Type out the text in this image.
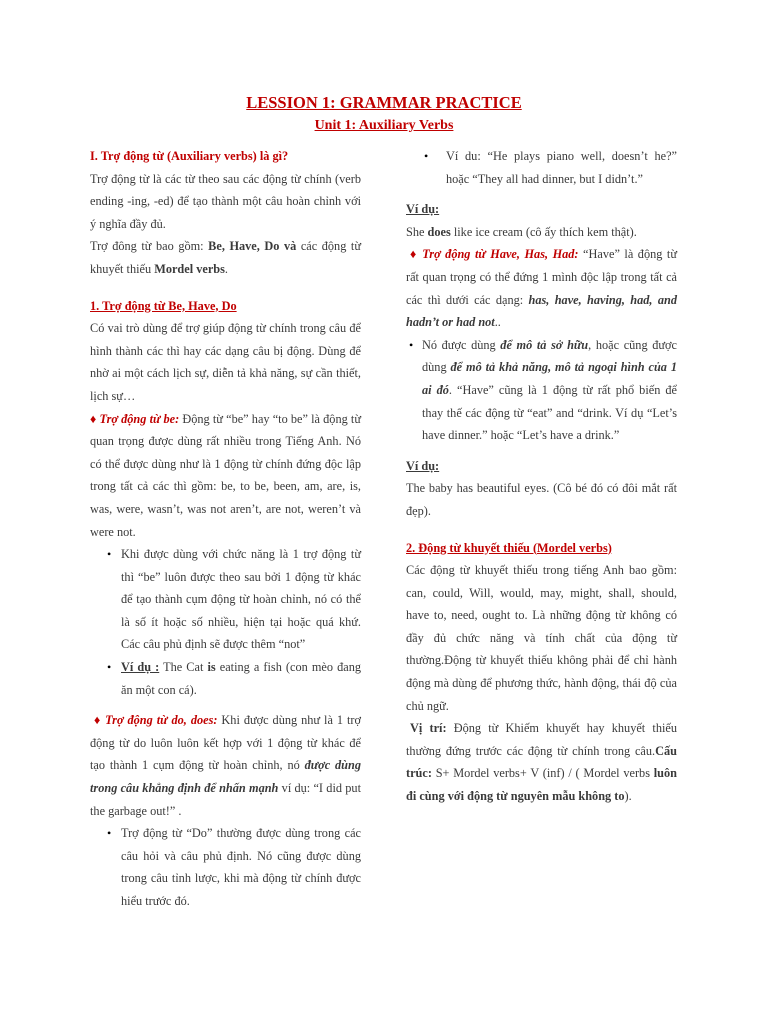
LESSION 1: GRAMMAR PRACTICE
Unit 1: Auxiliary Verbs

I. Trợ động từ (Auxiliary verbs) là gì?

Trợ động từ là các từ theo sau các động từ chính (verb ending -ing, -ed) để tạo thành một câu hoàn chỉnh với ý nghĩa đầy đủ.

Trợ đông từ bao gồm: Be, Have, Do và các động từ khuyết thiếu Mordel verbs.

1. Trợ động từ Be, Have, Do

Có vai trò dùng để trợ giúp động từ chính trong câu để hình thành các thì hay các dạng câu bị động. Dùng để nhờ ai một cách lịch sự, diễn tả khả năng, sự cần thiết, lịch sự…

♦ Trợ động từ be: Động từ “be” hay “to be” là động từ quan trọng được dùng rất nhiều trong Tiếng Anh. Nó có thể được dùng như là 1 động từ chính đứng độc lập trong tất cả các thì gồm: be, to be, been, am, are, is, was, were, wasn’t, was not aren’t, are not, weren’t và were not.

• Khi được dùng với chức năng là 1 trợ động từ thì “be” luôn được theo sau bởi 1 động từ khác để tạo thành cụm động từ hoàn chỉnh, nó có thể là số ít hoặc số nhiều, hiện tại hoặc quá khứ. Các câu phủ định sẽ được thêm “not”
• Ví dụ : The Cat is eating a fish (con mèo đang ăn một con cá).

♦ Trợ động từ do, does: Khi được dùng như là 1 trợ động từ do luôn luôn kết hợp với 1 động từ khác để tạo thành 1 cụm động từ hoàn chỉnh, nó được dùng trong câu khẳng định để nhấn mạnh ví dụ: “I did put the garbage out!” .

• Trợ động từ “Do” thường được dùng trong các câu hỏi và câu phủ định. Nó cũng được dùng trong câu tỉnh lược, khi mà động từ chính được hiểu trước đó.
• Ví du: “He plays piano well, doesn’t he?” hoặc “They all had dinner, but I didn’t.”

Ví dụ:

She does like ice cream (cô ấy thích kem thật).

♦ Trợ động từ Have, Has, Had: “Have” là động từ rất quan trọng có thể đứng 1 mình độc lập trong tất cả các thì dưới các dạng: has, have, having, had, and hadn’t or had not..

• Nó được dùng để mô tả sở hữu, hoặc cũng được dùng để mô tả khả năng, mô tả ngoại hình của 1 ai đó. “Have” cũng là 1 động từ rất phổ biến để thay thế các động từ “eat” and “drink. Ví dụ “Let’s have dinner.” hoặc “Let’s have a drink.”

Ví dụ:

The baby has beautiful eyes. (Cô bé đó có đôi mắt rất đẹp).

2. Động từ khuyết thiếu (Mordel verbs)

Các động từ khuyết thiếu trong tiếng Anh bao gồm: can, could, Will, would, may, might, shall, should, have to, need, ought to. Là những động từ không có đầy đủ chức năng và tính chất của động từ thường.Động từ khuyết thiếu không phải để chỉ hành động mà dùng để phương thức, hành động, thái độ của chủ ngữ.

Vị trí: Động từ Khiếm khuyết hay khuyết thiếu thường đứng trước các động từ chính trong câu.Cấu trúc: S+ Mordel verbs+ V (inf) / ( Mordel verbs luôn đi cùng với động từ nguyên mẫu không to).
